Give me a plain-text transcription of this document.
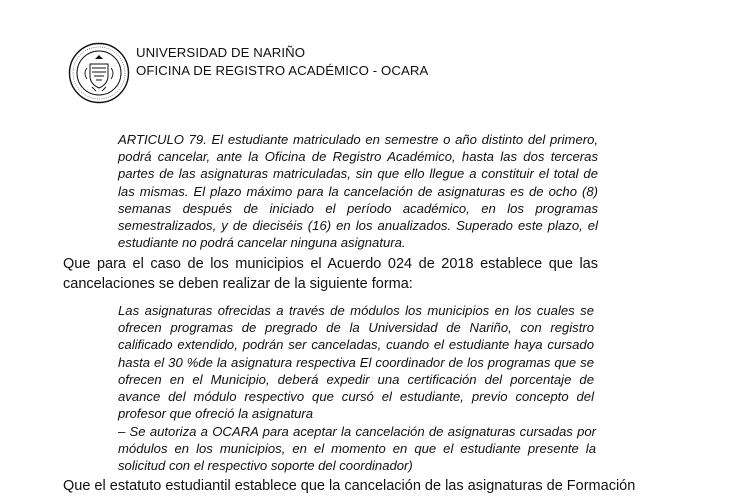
UNIVERSIDAD DE NARIÑO
OFICINA DE REGISTRO ACADÉMICO - OCARA
ARTICULO 79. El estudiante matriculado en semestre o año distinto del primero, podrá cancelar, ante la Oficina de Registro Académico, hasta las dos terceras partes de las asignaturas matriculadas, sin que ello llegue a constituir el total de las mismas. El plazo máximo para la cancelación de asignaturas es de ocho (8) semanas después de iniciado el período académico, en los programas semestralizados, y de dieciséis (16) en los anualizados. Superado este plazo, el estudiante no podrá cancelar ninguna asignatura.
Que para el caso de los municipios el Acuerdo 024 de 2018 establece que las cancelaciones se deben realizar de la siguiente forma:
Las asignaturas ofrecidas a través de módulos los municipios en los cuales se ofrecen programas de pregrado de la Universidad de Nariño, con registro calificado extendido, podrán ser canceladas, cuando el estudiante haya cursado hasta el 30 %de la asignatura respectiva El coordinador de los programas que se ofrecen en el Municipio, deberá expedir una certificación del porcentaje de avance del módulo respectivo que cursó el estudiante, previo concepto del profesor que ofreció la asignatura
– Se autoriza a OCARA para aceptar la cancelación de asignaturas cursadas por módulos en los municipios, en el momento en que el estudiante presente la solicitud con el respectivo soporte del coordinador)
Que el estatuto estudiantil establece que la cancelación de las asignaturas de Formación
